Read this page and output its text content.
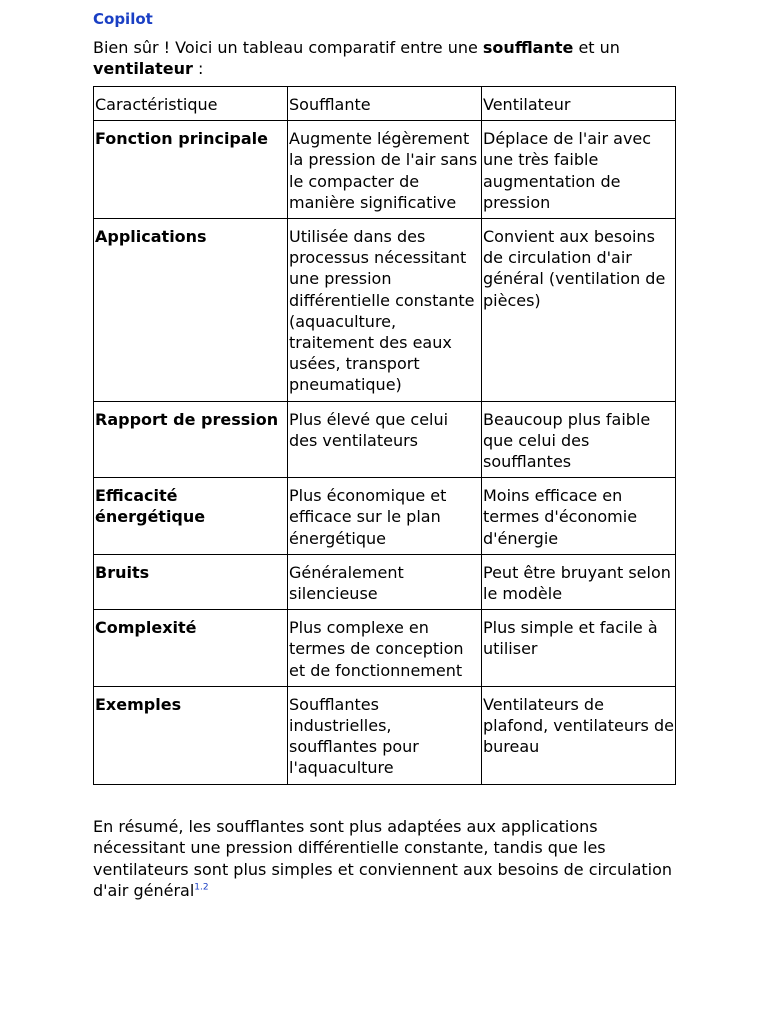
Copilot

Bien sûr ! Voici un tableau comparatif entre une soufflante et un ventilateur :

Caractéristique	Soufflante	Ventilateur
Fonction principale	Augmente légèrement la pression de l'air sans le compacter de manière significative	Déplace de l'air avec une très faible augmentation de pression
Applications	Utilisée dans des processus nécessitant une pression différentielle constante (aquaculture, traitement des eaux usées, transport pneumatique)	Convient aux besoins de circulation d'air général (ventilation de pièces)
Rapport de pression	Plus élevé que celui des ventilateurs	Beaucoup plus faible que celui des soufflantes
Efficacité énergétique	Plus économique et efficace sur le plan énergétique	Moins efficace en termes d'économie d'énergie
Bruits	Généralement silencieuse	Peut être bruyant selon le modèle
Complexité	Plus complexe en termes de conception et de fonctionnement	Plus simple et facile à utiliser
Exemples	Soufflantes industrielles, soufflantes pour l'aquaculture	Ventilateurs de plafond, ventilateurs de bureau

En résumé, les soufflantes sont plus adaptées aux applications nécessitant une pression différentielle constante, tandis que les ventilateurs sont plus simples et conviennent aux besoins de circulation d'air général$^{1.2}$
